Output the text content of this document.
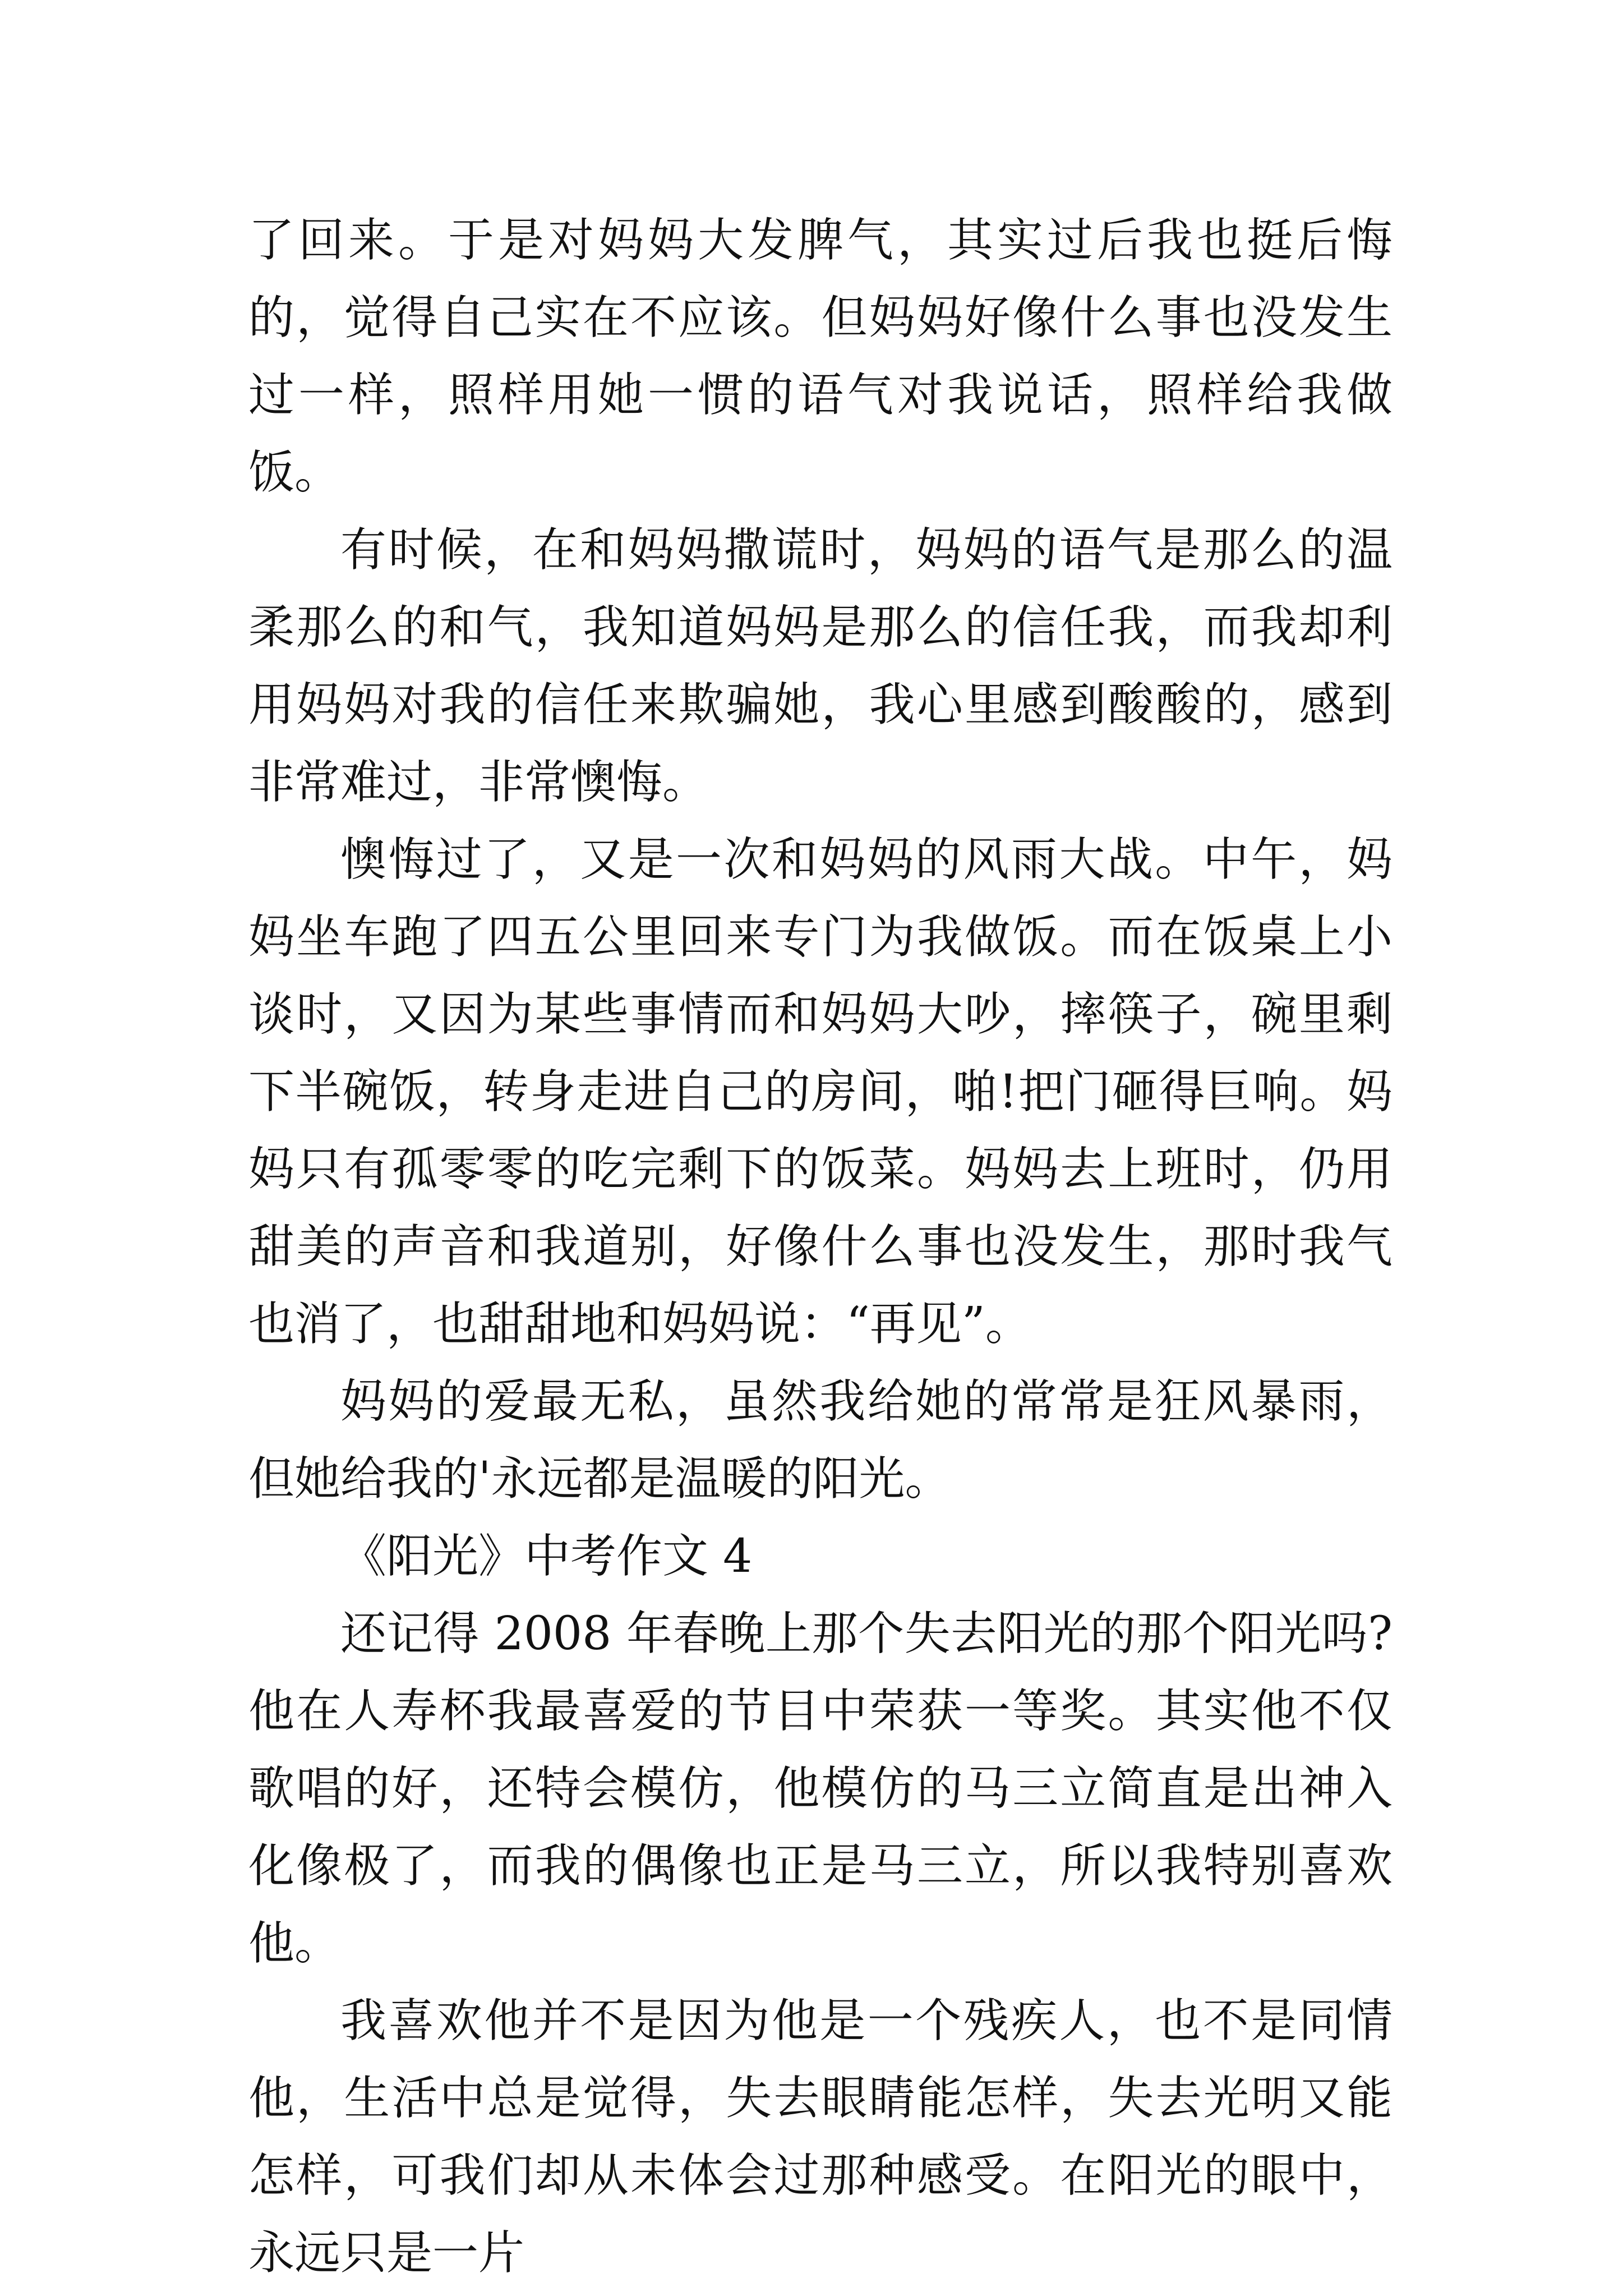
了回来。于是对妈妈大发脾气，其实过后我也挺后悔的，觉得自己实在不应该。但妈妈好像什么事也没发生过一样，照样用她一惯的语气对我说话，照样给我做饭。

有时候，在和妈妈撒谎时，妈妈的语气是那么的温柔那么的和气，我知道妈妈是那么的信任我，而我却利用妈妈对我的信任来欺骗她，我心里感到酸酸的，感到非常难过，非常懊悔。

懊悔过了，又是一次和妈妈的风雨大战。中午，妈妈坐车跑了四五公里回来专门为我做饭。而在饭桌上小谈时，又因为某些事情而和妈妈大吵，摔筷子，碗里剩下半碗饭，转身走进自己的房间，啪!把门砸得巨响。妈妈只有孤零零的吃完剩下的饭菜。妈妈去上班时，仍用甜美的声音和我道别，好像什么事也没发生，那时我气也消了，也甜甜地和妈妈说：“再见”。

妈妈的爱最无私，虽然我给她的常常是狂风暴雨，但她给我的'永远都是温暖的阳光。

《阳光》中考作文 4

还记得 2008 年春晚上那个失去阳光的那个阳光吗?他在人寿杯我最喜爱的节目中荣获一等奖。其实他不仅歌唱的好，还特会模仿，他模仿的马三立简直是出神入化像极了，而我的偶像也正是马三立，所以我特别喜欢他。

我喜欢他并不是因为他是一个残疾人，也不是同情他，生活中总是觉得，失去眼睛能怎样，失去光明又能怎样，可我们却从未体会过那种感受。在阳光的眼中，永远只是一片
